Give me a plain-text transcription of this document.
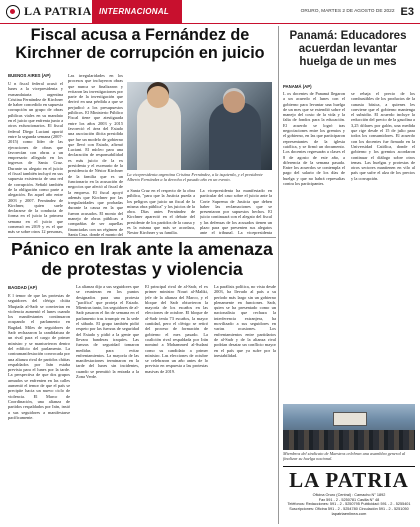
LA PATRIA INTERNACIONAL	ORURO, MARTES 2 DE AGOSTO DE 2022 E3
Fiscal acusa a Fernández de Kirchner de corrupción en juicio
BUENOS AIRES (AP)

U n fiscal federal acusó el lunes a la vicepresidenta y exmandataria argentina Cristina Fernández de Kirchner de haber concedido en supuesta corrupción un grupo de obras públicas viales en su mandato en el juicio que enfrenta junto a otros exfuncionarios. El fiscal federal Diego Luciani aportó entre la segunda semana (2007-2015) como líder de las ejecuciones de obras que favorecían con obras a un empresario allegado en los ingresos de Santa Cruz. Durante su alegato en el juicio el fiscal también incluyó en sus supuesta existencia de una red de corrupción. Señaló también de la obligación como parte a alegación. En aquel año entre 2003 y 2007. Fernández de Kirchner, quien suele declararse de la conducta de forma en el juicio la primera semana en el juicio que comenzó en 2019 y es el que más se sobre otros 12 personas,

Las irregularidades en los procesos que incluyeron obras que nunca se finalizaron y evitaron las investigaciones por parte de la investigación que derivó en una pérdida a que se perjudicó a los presupuestos públicos. El Ministerio Público Fiscal tiene que atestiguada entre los años 2003 y 2015 favoreció el área del Estado una asociación ilícita presidida que fue un modelo de gobierno que llevó con Estado, afirmó Luciani. El núcleo para una declaración de responsabilidad es más juicio de la ex presidenta y el escenario de la presidencia de Néstor Kirchner de la familia que es un funcionario en la acusación de negocios que afectó al fiscal de la empresa. El fiscal apoyó además que Kirchner por las irregularidades que probadas durante la causa en la que fueron acusados. El monto del manejo de obras públicas a compañías de ser aquellas financiadas con un régimen de Santa Cruz, donde el monto del

La vicepresidenta argentina Cristina Fernández, a la izquierda, y el presidente Alberto Fernández a la derecha el pasado año en un evento.

a Santa Cruz en el respecto de la obra pública, "para que la Justicia pueda a los peligros que juicio un fiscal de la misma obra pública" y los juicios de la obra. Días antes Fernández de Kirchner apareció en el debate del presidente de los partidos de la causa y es la misma que más se acordara, Nestor Kirchner y su familia.

La vicepresidenta ha manifestado en particular del caso sobre el juicio ante la Corte Suprema de Justicia que deben haber las reclamaciones que se presentaron por supuestos hechos. El juicio continuará con el alegato del fiscal y las defensas de los acusados tienen un plazo para que presenten sus alegatos ante el tribunal. La vicepresidenta

Panamá: Educadores acuerdan levantar huelga de un mes
PANAMÁ (AP)

L os docentes de Panamá llegaron a un acuerdo el lunes con el gobierno para levantar una huelga de un mes que se extendió sobre el manejo del costo de la vida y la falta de fondos para la educación. El acuerdo se logró tras negociaciones entre los gremios y el gobierno, en las que participaron representantes de la iglesia católica, y se firmó un documento. Los docentes regresarán a clases el 8 de agosto de este año, a diferencia de la semana pasada. Entre los acuerdos se contempla el pago del salario de los días de huelga y que no habrá represalias contra los participantes.

se rebaja el precio de los combustibles de los productos de la canasta básica, a quienes les conviene que el gobierno mantenga el subsidio. El acuerdo incluye la reducción del precio de la gasolina a 3,25 dólares por galón, una medida que rige desde el 15 de julio para todos los consumidores. El acuerdo con los docentes fue firmado en la Universidad Católica, donde el gobierno y los gremios acordaron continuar el diálogo sobre otros temas. Las huelgas y protestas de otros sectores mantienen en vilo al país que sufre el alza de los precios y la corrupción.

Miembros del sindicato de Maestros celebran una asamblea general al finalizar su huelga nacional.
Pánico en Irak ante la amenaza de protestas y violencia
BAGDAD (AP)

E l temor de que las protestas de seguidores del clérigo chiita Muqtada al-Sadr se conviertan en violencia aumentó el lunes cuando los manifestantes continuaron ocupando el parlamento en Bagdad. Miles de seguidores de Sadr rechazaron la candidatura de un rival para el cargo de primer ministro y se mantuvieron dentro del edificio del parlamento. La contramanifestación convocada por una alianza rival de partidos chiitas respaldados por Irán estaba prevista para el lunes por la tarde. La perspectiva de que dos grupos armados se enfrenten en las calles aumentó el temor de que el país se precipite hacia un nuevo ciclo de violencia. El Marco de Coordinación, una alianza de partidos respaldados por Irán, instó a sus seguidores a manifestarse pacíficamente.

La alianza dijo a sus seguidores que se reunieran en los puntos designados para una protesta "pacífica" que proteja el Estado. Mientras tanto, los seguidores de al-Sadr pasaron el fin de semana en el parlamento tras irrumpir en la sede el sábado. El grupo también pidió respeto por las fuerzas de seguridad del Estado y pidió a la gente que llevara banderas iraquíes. Las fuerzas de seguridad tomaron medidas para evitar enfrentamientos. La mayoría de las manifestaciones terminaron en la tarde del lunes sin incidentes, cuando se permitió la entrada a la Zona Verde.

El principal rival de al-Sadr, el ex primer ministro Nouri al-Maliki, jefe de la alianza del Marco, y el bloque del Sadr obtuvieron la mayoría de los escaños en las elecciones de octubre. El bloque de al-Sadr tenía 73 escaños, la mayor cantidad, pero el clérigo se retiró del proceso de formación de gobierno el mes pasado. La coalición rival respaldada por Irán nominó a Mohammed al-Sudani como su candidato a primer ministro. Las elecciones de octubre se celebraron un año antes de lo previsto en respuesta a las protestas masivas de 2019.

La parálisis política, no vista desde 2003, ha llevado al país a su período más largo sin un gobierno plenamente en funciones. Sadr, quien se ha presentado como un nacionalista que rechaza la interferencia extranjera, ha movilizado a sus seguidores en varias ocasiones. Los enfrentamientos entre partidarios de al-Sadr y de la alianza rival podrían desatar un conflicto mayor en el país que ya sufre por la inestabilidad.

LA PATRIA
Oficina Oruro (Central) : Camacho N° 1892
Fax 591 - 2 - 5250781 Casilla N° 48
Teléfonos: Redacciones: 591 - 2 - 5250795 Publicidad: 591 - 2 - 5255401
Suscripciones: Oficina 591 - 2 - 5254780 Circulación 591 - 2 - 5251050
lapatriaenlinea.com
